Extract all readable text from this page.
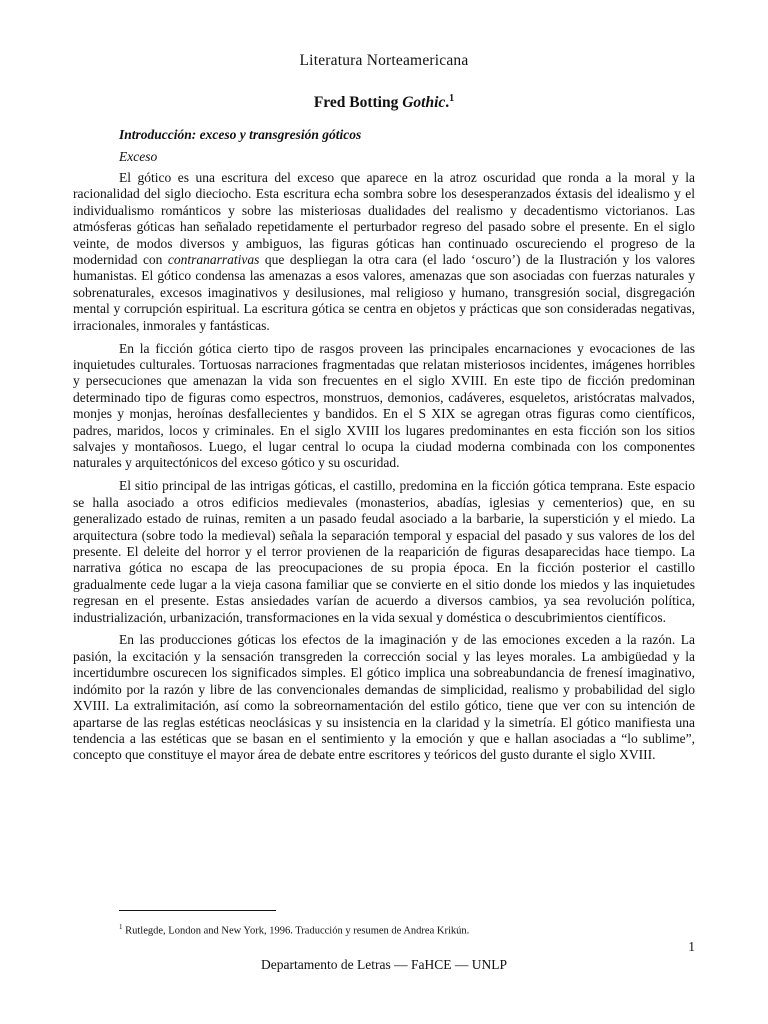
Literatura Norteamericana
Fred Botting Gothic.$^1$
Introducción: exceso y transgresión góticos
Exceso

El gótico es una escritura del exceso que aparece en la atroz oscuridad que ronda a la moral y la racionalidad del siglo dieciocho. Esta escritura echa sombra sobre los desesperanzados éxtasis del idealismo y el individualismo románticos y sobre las misteriosas dualidades del realismo y decadentismo victorianos. Las atmósferas góticas han señalado repetidamente el perturbador regreso del pasado sobre el presente. En el siglo veinte, de modos diversos y ambiguos, las figuras góticas han continuado oscureciendo el progreso de la modernidad con contranarrativas que despliegan la otra cara (el lado ‘oscuro’) de la Ilustración y los valores humanistas. El gótico condensa las amenazas a esos valores, amenazas que son asociadas con fuerzas naturales y sobrenaturales, excesos imaginativos y desilusiones, mal religioso y humano, transgresión social, disgregación mental y corrupción espiritual. La escritura gótica se centra en objetos y prácticas que son consideradas negativas, irracionales, inmorales y fantásticas.

En la ficción gótica cierto tipo de rasgos proveen las principales encarnaciones y evocaciones de las inquietudes culturales. Tortuosas narraciones fragmentadas que relatan misteriosos incidentes, imágenes horribles y persecuciones que amenazan la vida son frecuentes en el siglo XVIII. En este tipo de ficción predominan determinado tipo de figuras como espectros, monstruos, demonios, cadáveres, esqueletos, aristócratas malvados, monjes y monjas, heroínas desfallecientes y bandidos. En el S XIX se agregan otras figuras como científicos, padres, maridos, locos y criminales. En el siglo XVIII los lugares predominantes en esta ficción son los sitios salvajes y montañosos. Luego, el lugar central lo ocupa la ciudad moderna combinada con los componentes naturales y arquitectónicos del exceso gótico y su oscuridad.

El sitio principal de las intrigas góticas, el castillo, predomina en la ficción gótica temprana. Este espacio se halla asociado a otros edificios medievales (monasterios, abadías, iglesias y cementerios) que, en su generalizado estado de ruinas, remiten a un pasado feudal asociado a la barbarie, la superstición y el miedo. La arquitectura (sobre todo la medieval) señala la separación temporal y espacial del pasado y sus valores de los del presente. El deleite del horror y el terror provienen de la reaparición de figuras desaparecidas hace tiempo. La narrativa gótica no escapa de las preocupaciones de su propia época. En la ficción posterior el castillo gradualmente cede lugar a la vieja casona familiar que se convierte en el sitio donde los miedos y las inquietudes regresan en el presente. Estas ansiedades varían de acuerdo a diversos cambios, ya sea revolución política, industrialización, urbanización, transformaciones en la vida sexual y doméstica o descubrimientos científicos.

En las producciones góticas los efectos de la imaginación y de las emociones exceden a la razón. La pasión, la excitación y la sensación transgreden la corrección social y las leyes morales. La ambigüedad y la incertidumbre oscurecen los significados simples. El gótico implica una sobreabundancia de frenesí imaginativo, indómito por la razón y libre de las convencionales demandas de simplicidad, realismo y probabilidad del siglo XVIII. La extralimitación, así como la sobreornamentación del estilo gótico, tiene que ver con su intención de apartarse de las reglas estéticas neoclásicas y su insistencia en la claridad y la simetría. El gótico manifiesta una tendencia a las estéticas que se basan en el sentimiento y la emoción y que e hallan asociadas a “lo sublime”, concepto que constituye el mayor área de debate entre escritores y teóricos del gusto durante el siglo XVIII.

$^1$ Rutlegde, London and New York, 1996. Traducción y resumen de Andrea Krikún.
1
Departamento de Letras — FaHCE — UNLP
